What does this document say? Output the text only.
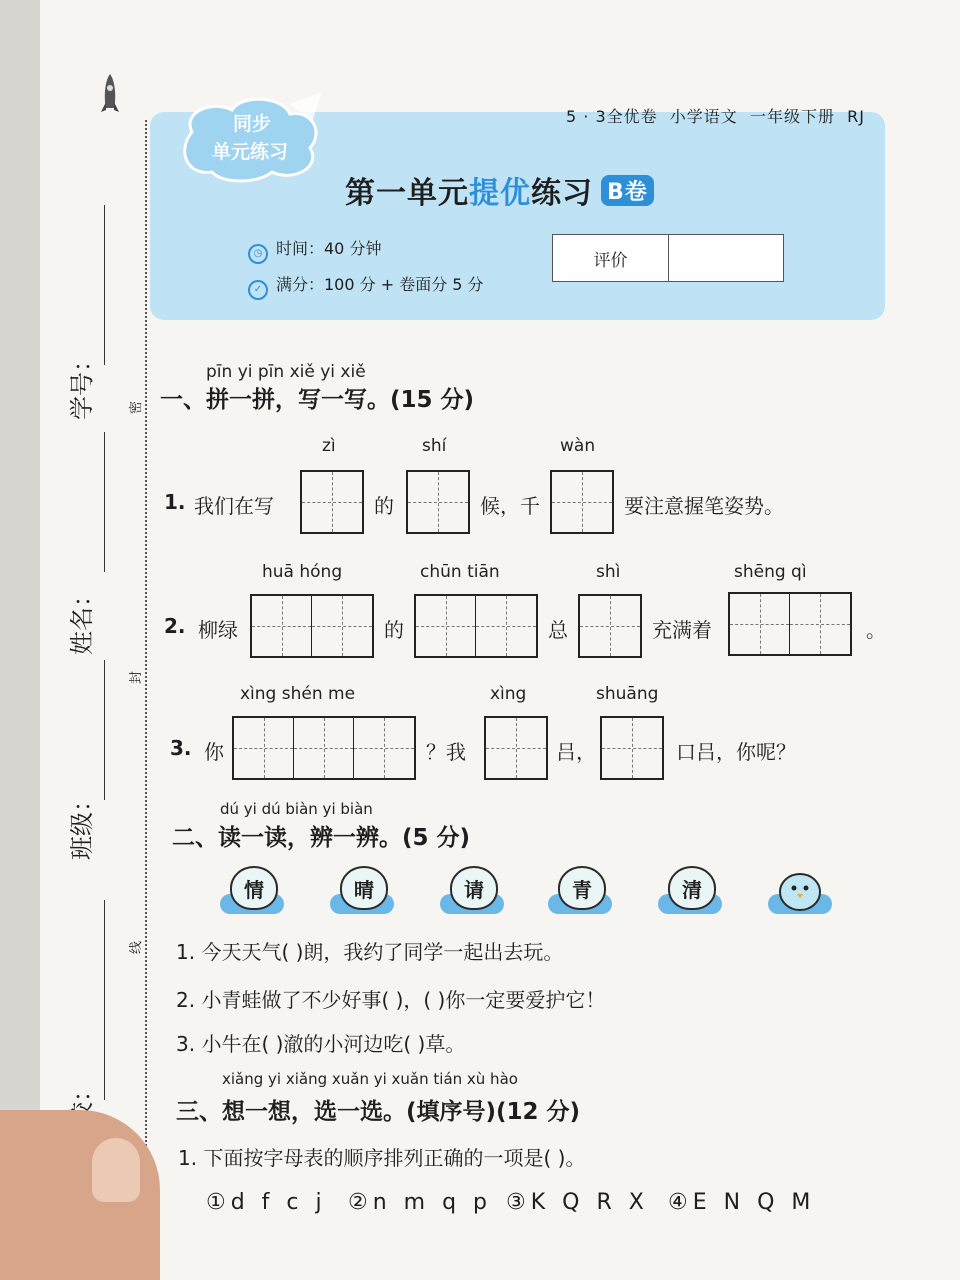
学号：
姓名：
班级：
密
封
线
同步
单元练习
5 · 3全优卷 小学语文 一年级下册 RJ
第一单元提优练习 B卷
◷ 时间：40 分钟
✓ 满分：100 分 + 卷面分 5 分
评价
pīn yi pīn xiě yi xiě
一、拼一拼，写一写。(15 分)
zì	shí	wàn
1. 我们在写	的	候，千	要注意握笔姿势。
huā hóng	chūn tiān	shì	shēng qì
2. 柳绿	的	总	充满着	。
xìng shén me	xìng	shuāng
3. 你	？我	吕，	口吕，你呢？
dú yi dú biàn yi biàn
二、读一读，辨一辨。(5 分)
情	晴	请	青	清
1. 今天天气( )朗，我约了同学一起出去玩。
2. 小青蛙做了不少好事( )，( )你一定要爱护它！
3. 小牛在( )澈的小河边吃( )草。
xiǎng yi xiǎng xuǎn yi xuǎn tián xù hào
三、想一想，选一选。(填序号)(12 分)
1. 下面按字母表的顺序排列正确的一项是( )。
①d f c j ②n m q p ③K Q R X ④E N Q M
